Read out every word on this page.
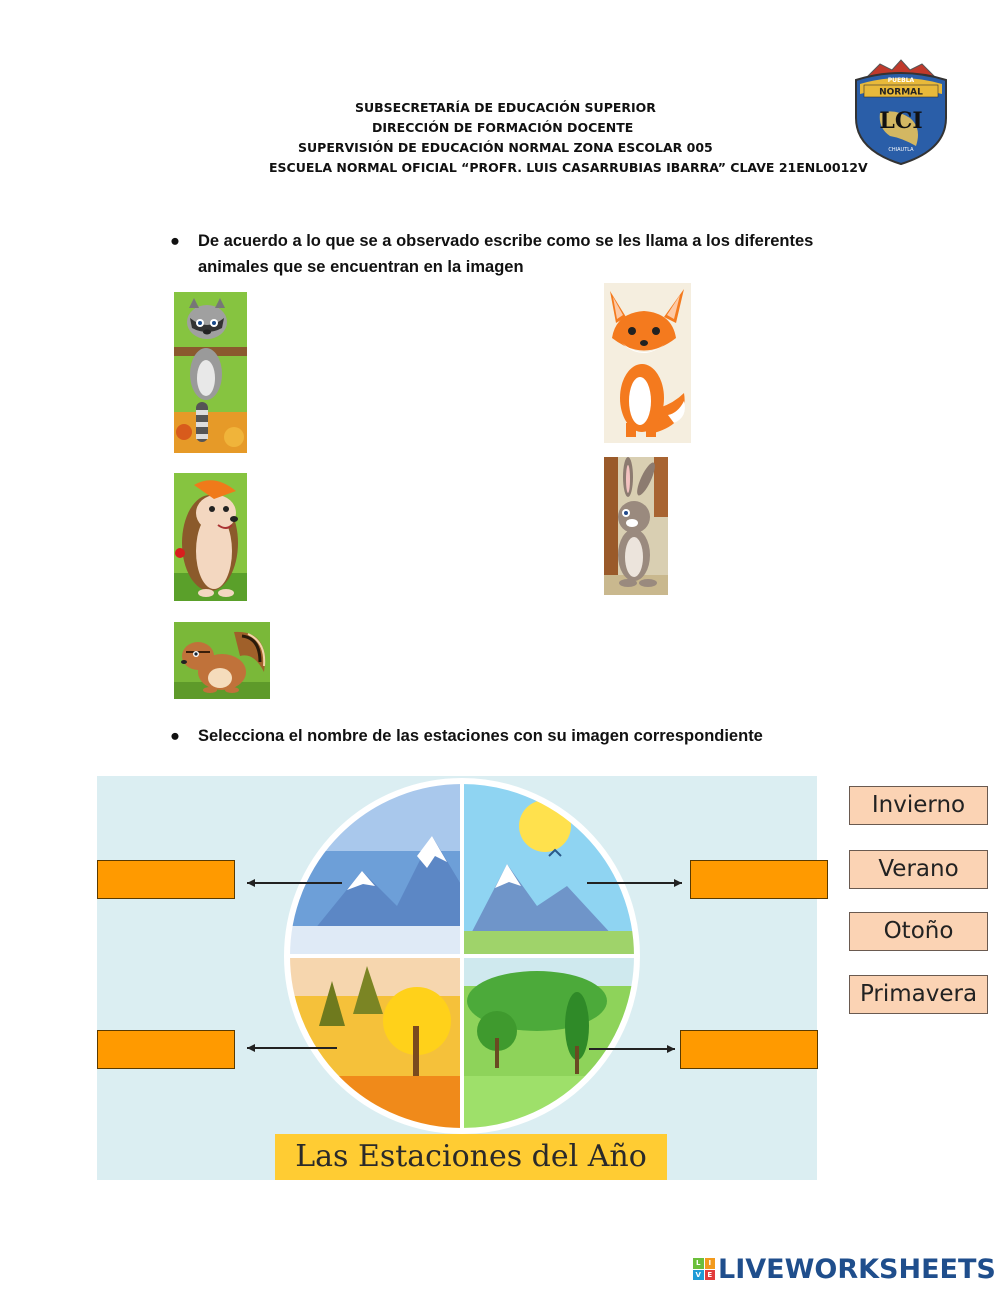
SUBSECRETARÍA DE EDUCACIÓN SUPERIOR
DIRECCIÓN DE FORMACIÓN DOCENTE
SUPERVISIÓN DE EDUCACIÓN NORMAL ZONA ESCOLAR 005
ESCUELA NORMAL OFICIAL “PROFR. LUIS CASARRUBIAS IBARRA” CLAVE 21ENL0012V
NORMAL
PUEBLA
LCI
CHIAUTLA
● De acuerdo a lo que se a observado escribe como se les llama a los diferentes animales que se encuentran en la imagen
● Selecciona el nombre de las estaciones con su imagen correspondiente
Las Estaciones del Año
Invierno
Verano
Otoño
Primavera
L	I
V E LIVEWORKSHEETS
